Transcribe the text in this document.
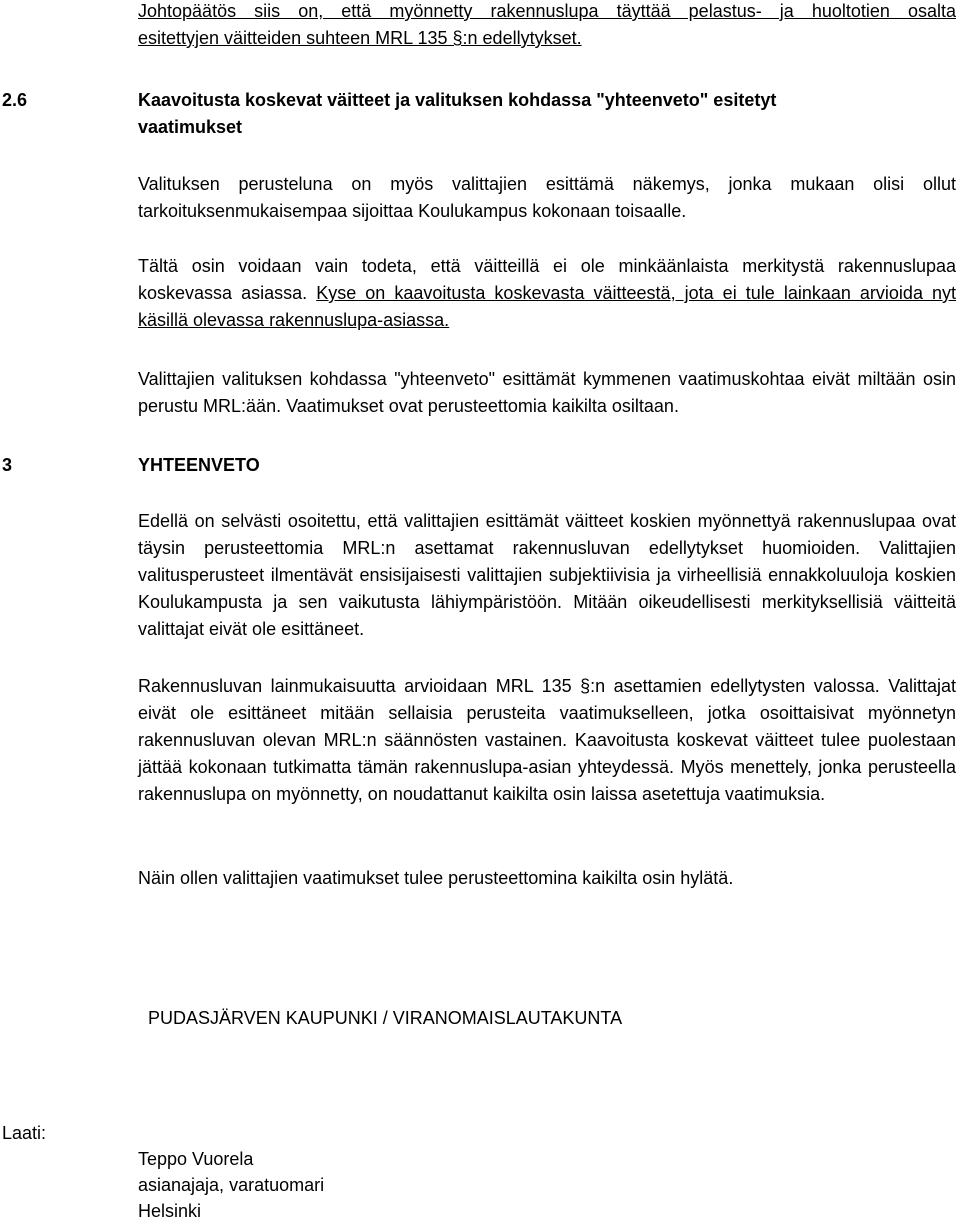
Johtopäätös siis on, että myönnetty rakennuslupa täyttää pelastus- ja huoltotien osalta
esitettyjen väitteiden suhteen MRL 135 §:n edellytykset.
2.6	Kaavoitusta koskevat väitteet ja valituksen kohdassa "yhteenveto" esitetyt
vaatimukset
Valituksen perusteluna on myös valittajien esittämä näkemys, jonka mukaan olisi ollut tarkoituksenmukaisempaa sijoittaa Koulukampus kokonaan toisaalle.
Tältä osin voidaan vain todeta, että väitteillä ei ole minkäänlaista merkitystä rakennuslupaa koskevassa asiassa. Kyse on kaavoitusta koskevasta väitteestä, jota ei tule lainkaan arvioida nyt käsillä olevassa rakennuslupa-asiassa.
Valittajien valituksen kohdassa "yhteenveto" esittämät kymmenen vaatimuskohtaa eivät miltään osin perustu MRL:ään. Vaatimukset ovat perusteettomia kaikilta osiltaan.
3	YHTEENVETO
Edellä on selvästi osoitettu, että valittajien esittämät väitteet koskien myönnettyä rakennuslupaa ovat täysin perusteettomia MRL:n asettamat rakennusluvan edellytykset huomioiden. Valittajien valitusperusteet ilmentävät ensisijaisesti valittajien subjektiivisia ja virheellisiä ennakkoluuloja koskien Koulukampusta ja sen vaikutusta lähiympäristöön. Mitään oikeudellisesti merkityksellisiä väitteitä valittajat eivät ole esittäneet.
Rakennusluvan lainmukaisuutta arvioidaan MRL 135 §:n asettamien edellytysten valossa. Valittajat eivät ole esittäneet mitään sellaisia perusteita vaatimukselleen, jotka osoittaisivat myönnetyn rakennusluvan olevan MRL:n säännösten vastainen. Kaavoitusta koskevat väitteet tulee puolestaan jättää kokonaan tutkimatta tämän rakennuslupa-asian yhteydessä. Myös menettely, jonka perusteella rakennuslupa on myönnetty, on noudattanut kaikilta osin laissa asetettuja vaatimuksia.
Näin ollen valittajien vaatimukset tulee perusteettomina kaikilta osin hylätä.
PUDASJÄRVEN KAUPUNKI / VIRANOMAISLAUTAKUNTA
Laati:
Teppo Vuorela
asianajaja, varatuomari
Helsinki
